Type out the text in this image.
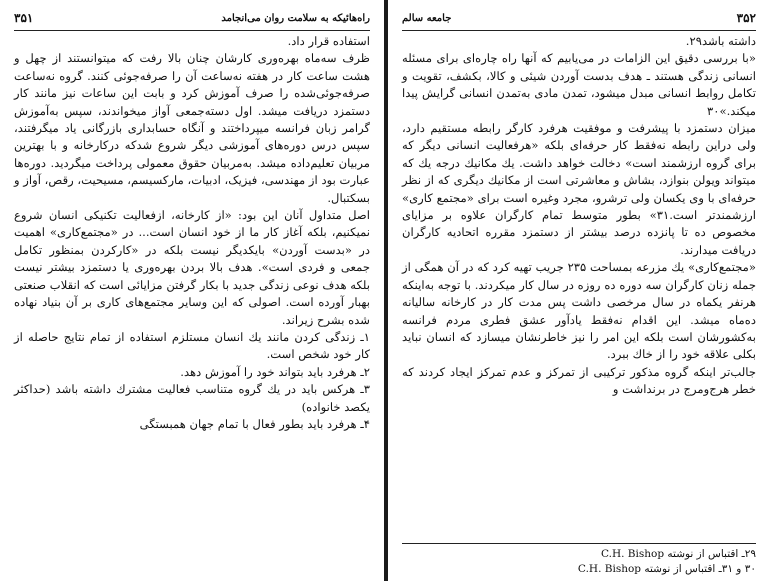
راه‌هائیکه به سلامت روان می‌انجامد
۳۵۱

استفاده قرار داد.

ظرف سه‌ماه بهره‌وری کارشان چنان بالا رفت که میتوانستند از چهل و هشت ساعت کار در هفته نه‌ساعت آن را صرفه‌جوئی کنند. گروه نه‌ساعت صرفه‌جوئی‌شده را صرف آموزش کرد و بابت این ساعات نیز مانند کار دستمزد دریافت میشد. اول دسته‌جمعی آواز میخواندند، سپس به‌آموزش گرامر زبان فرانسه میپرداختند و آنگاه حسابداری بازرگانی یاد میگرفتند، سپس درس دوره‌های آموزشی دیگر شروع شدکه درکارخانه و با بهترین مربیان تعلیم‌داده میشد. به‌مربیان حقوق معمولی پرداخت میگردید. دوره‌ها عبارت بود از مهندسی، فیزیک، ادبیات، مارکسیسم، مسیحیت، رقص، آواز و بسکتبال.

اصل متداول آنان این بود: «از کارخانه، ازفعالیت تکنیکی انسان شروع نمیکنیم، بلکه آغاز کار ما از خود انسان است... در «مجتمع‌کاری» اهمیت در «بدست آوردن» بایکدیگر نیست بلکه در «کارکردن بمنظور تکامل جمعی و فردی است». هدف بالا بردن بهره‌وری یا دستمزد بیشتر نیست بلکه هدف نوعی زندگی جدید با بکار گرفتن مزایائی است که انقلاب صنعتی بهبار آورده است. اصولی که این وسایر مجتمع‌های کاری بر آن بنیاد نهاده شده بشرح زیراند.

۱ـ زندگی کردن مانند یك انسان مستلزم استفاده از تمام نتایج حاصله از کار خود شخص است.

۲ـ هرفرد باید بتواند خود را آموزش دهد.

۳ـ هرکس باید در یك گروه متناسب فعالیت مشترك داشته باشد (حداکثر یکصد خانواده)

۴ـ هرفرد باید بطور فعال با تمام جهان همبستگی

۳۵۲
جامعه سالم

داشته باشد۲۹.

«با بررسی دقیق این الزامات در می‌یابیم که آنها راه چاره‌ای برای مسئله انسانی زندگی هستند ـ هدف بدست آوردن شیئی و کالا، بکشف، تقویت و تکامل روابط انسانی مبدل میشود، تمدن مادی به‌تمدن انسانی گرایش پیدا میکند.»۳۰

میزان دستمزد با پیشرفت و موفقیت هرفرد کارگر رابطه مستقیم دارد، ولی دراین رابطه نه‌فقط کار حرفه‌ای بلکه «هرفعالیت انسانی دیگر که برای گروه ارزشمند است» دخالت خواهد داشت. یك مکانیك درجه یك که میتواند ویولن بنوازد، بشاش و معاشرتی است از مکانیك دیگری که از نظر حرفه‌ای با وی یکسان ولی ترشرو، مجرد وغیره است برای «مجتمع کاری» ارزشمندتر است.۳۱» بطور متوسط تمام کارگران علاوه بر مزایای مخصوص ده تا پانزده درصد بیشتر از دستمزد مقرره اتحادیه کارگران دریافت میدارند.

«مجتمع‌کاری» یك مزرعه بمساحت ۲۳۵ جریب تهیه کرد که در آن همگی از جمله زنان کارگران سه دوره ده روزه در سال کار میکردند. با توجه به‌اینکه هرنفر یکماه در سال مرخصی داشت پس مدت کار در کارخانه سالیانه ده‌ماه میشد. این اقدام نه‌فقط یادآور عشق فطری مردم فرانسه به‌کشورشان است بلکه این امر را نیز خاطرنشان میسازد که انسان نباید بکلی علاقه خود را از خاك ببرد.

جالب‌تر اینکه گروه مذکور ترکیبی از تمرکز و عدم تمرکز ایجاد کردند که خطر هرج‌ومرج در برنداشت و

۲۹ـ اقتباس از نوشته C.H. Bishop

۳۰ و ۳۱ـ اقتباس از نوشته C.H. Bishop
